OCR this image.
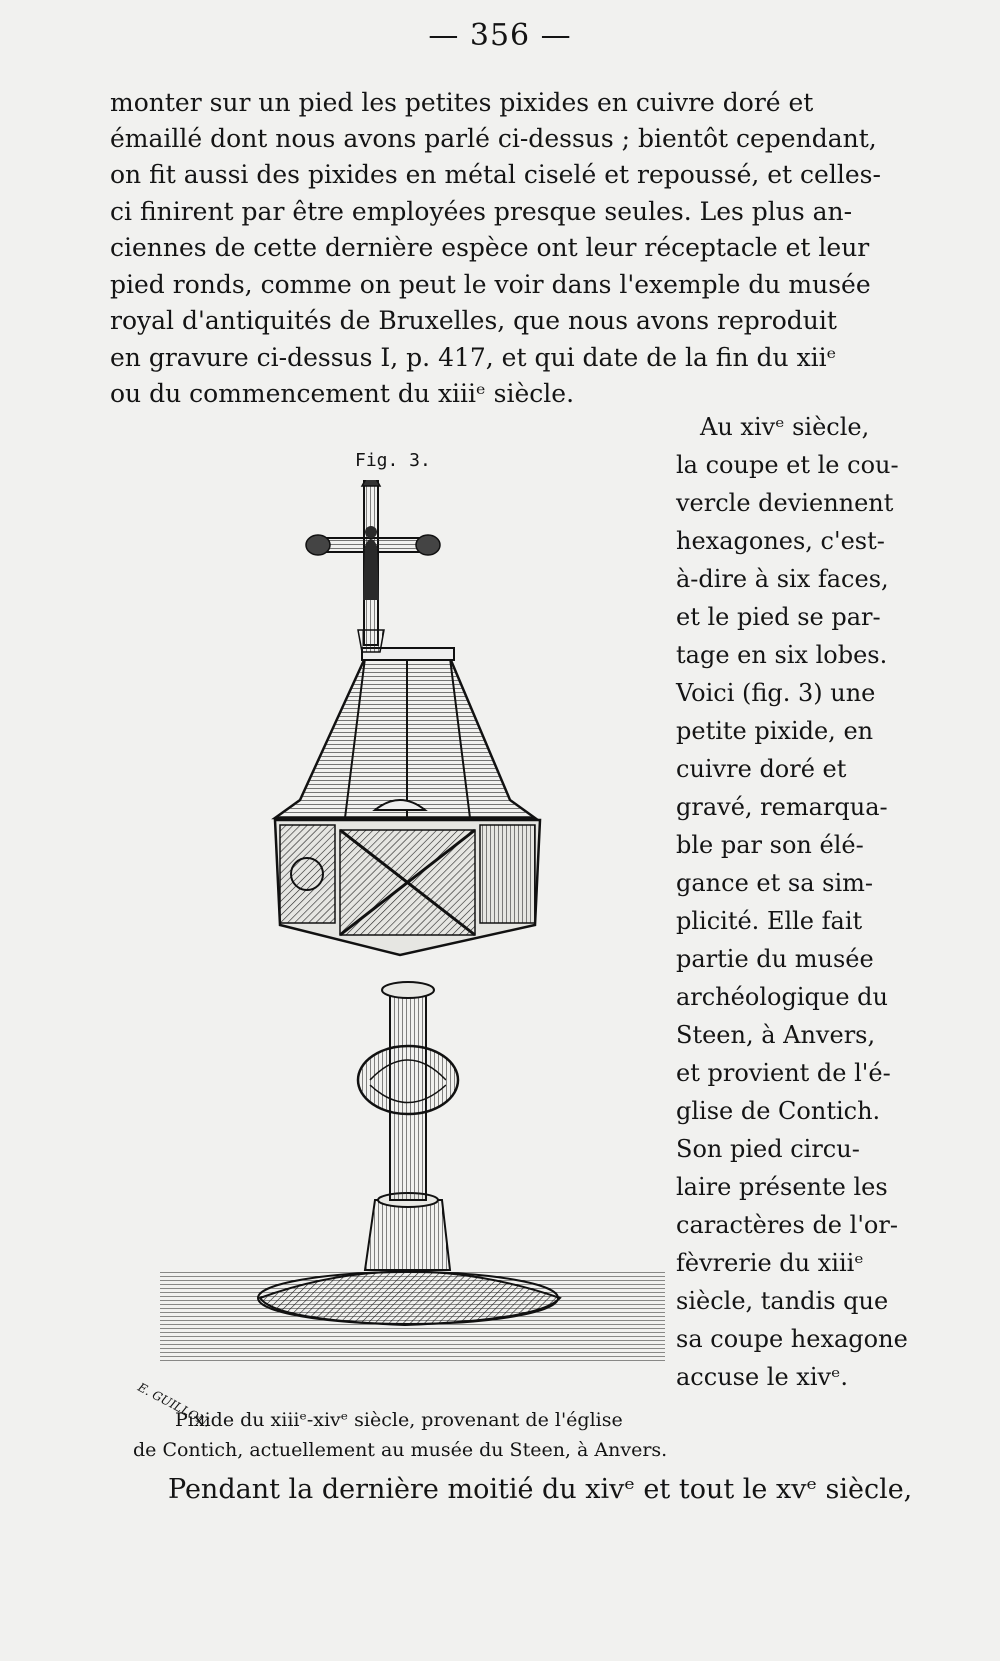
— 356 —
monter sur un pied les petites pixides en cuivre doré et
émaillé dont nous avons parlé ci-dessus ; bientôt cependant,
on fit aussi des pixides en métal ciselé et repoussé, et celles-
ci finirent par être employées presque seules. Les plus an-
ciennes de cette dernière espèce ont leur réceptacle et leur
pied ronds, comme on peut le voir dans l'exemple du musée
royal d'antiquités de Bruxelles, que nous avons reproduit
en gravure ci-dessus I, p. 417, et qui date de la fin du xiiᵉ
ou du commencement du xiiiᵉ siècle.
Au xivᵉ siècle,
la coupe et le cou-
vercle deviennent
hexagones, c'est-
à-dire à six faces,
et le pied se par-
tage en six lobes.
Voici (fig. 3) une
petite pixide, en
cuivre doré et
gravé, remarqua-
ble par son élé-
gance et sa sim-
plicité. Elle fait
partie du musée
archéologique du
Steen, à Anvers,
et provient de l'é-
glise de Contich.
Son pied circu-
laire présente les
caractères de l'or-
fèvrerie du xiiiᵉ
siècle, tandis que
sa coupe hexagone
accuse le xivᵉ.
Fig. 3.
E. GUILLON.
Pixide du xiiiᵉ-xivᵉ siècle, provenant de l'église
de Contich, actuellement au musée du Steen, à Anvers.
Pendant la dernière moitié du xivᵉ et tout le xvᵉ siècle,
